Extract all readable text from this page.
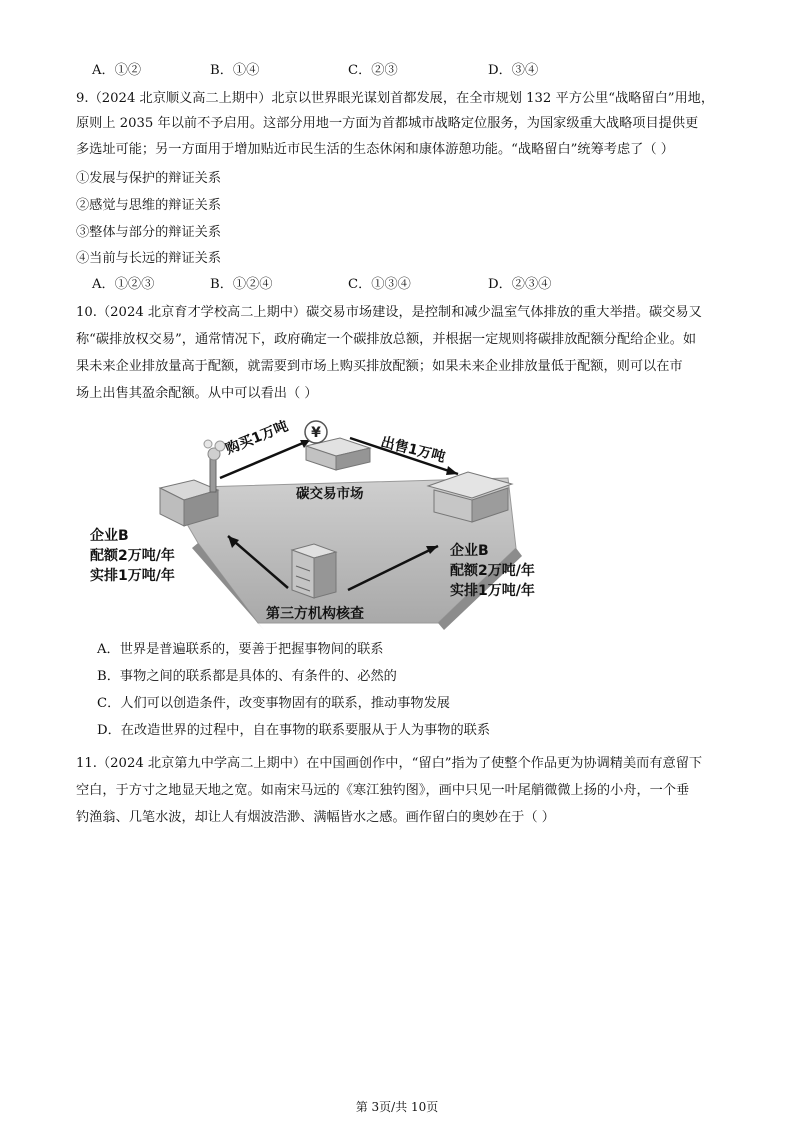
A．①②	B．①④	C．②③	D．③④
9.（2024 北京顺义高二上期中）北京以世界眼光谋划首都发展，在全市规划 132 平方公里“战略留白”用地，
原则上 2035 年以前不予启用。这部分用地一方面为首都城市战略定位服务，为国家级重大战略项目提供更
多选址可能；另一方面用于增加贴近市民生活的生态休闲和康体游憩功能。“战略留白”统筹考虑了（ ）
①发展与保护的辩证关系
②感觉与思维的辩证关系
③整体与部分的辩证关系
④当前与长远的辩证关系
A．①②③	B．①②④	C．①③④	D．②③④
10.（2024 北京育才学校高二上期中）碳交易市场建设，是控制和减少温室气体排放的重大举措。碳交易又
称“碳排放权交易”，通常情况下，政府确定一个碳排放总额，并根据一定规则将碳排放配额分配给企业。如
果未来企业排放量高于配额，就需要到市场上购买排放配额；如果未来企业排放量低于配额，则可以在市
场上出售其盈余配额。从中可以看出（ ）
¥
购买1万吨	出售1万吨
碳交易市场
第三方机构核查
企业B
配额2万吨/年
实排1万吨/年
企业B
配额2万吨/年
实排1万吨/年
A．世界是普遍联系的，要善于把握事物间的联系
B．事物之间的联系都是具体的、有条件的、必然的
C．人们可以创造条件，改变事物固有的联系，推动事物发展
D．在改造世界的过程中，自在事物的联系要服从于人为事物的联系
11.（2024 北京第九中学高二上期中）在中国画创作中，“留白”指为了使整个作品更为协调精美而有意留下
空白，于方寸之地显天地之宽。如南宋马远的《寒江独钓图》，画中只见一叶尾艄微微上扬的小舟，一个垂
钓渔翁、几笔水波，却让人有烟波浩渺、满幅皆水之感。画作留白的奥妙在于（ ）
第 3页/共 10页
